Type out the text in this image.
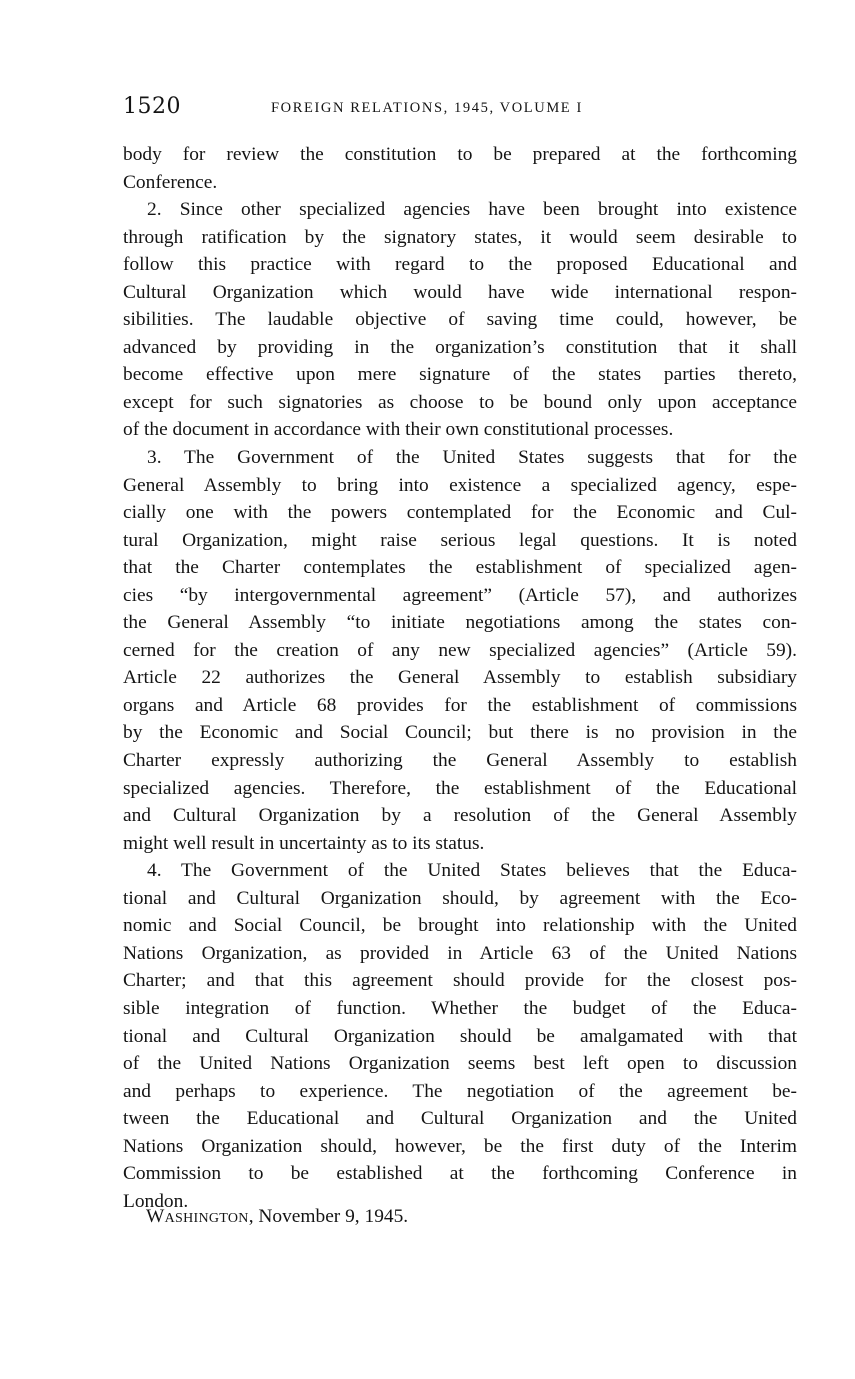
1520	FOREIGN RELATIONS, 1945, VOLUME I
body for review the constitution to be prepared at the forthcoming
Conference.
2. Since other specialized agencies have been brought into existence
through ratification by the signatory states, it would seem desirable to
follow this practice with regard to the proposed Educational and
Cultural Organization which would have wide international respon-
sibilities. The laudable objective of saving time could, however, be
advanced by providing in the organization’s constitution that it shall
become effective upon mere signature of the states parties thereto,
except for such signatories as choose to be bound only upon acceptance
of the document in accordance with their own constitutional processes.
3. The Government of the United States suggests that for the
General Assembly to bring into existence a specialized agency, espe-
cially one with the powers contemplated for the Economic and Cul-
tural Organization, might raise serious legal questions. It is noted
that the Charter contemplates the establishment of specialized agen-
cies “by intergovernmental agreement” (Article 57), and authorizes
the General Assembly “to initiate negotiations among the states con-
cerned for the creation of any new specialized agencies” (Article 59).
Article 22 authorizes the General Assembly to establish subsidiary
organs and Article 68 provides for the establishment of commissions
by the Economic and Social Council; but there is no provision in the
Charter expressly authorizing the General Assembly to establish
specialized agencies. Therefore, the establishment of the Educational
and Cultural Organization by a resolution of the General Assembly
might well result in uncertainty as to its status.
4. The Government of the United States believes that the Educa-
tional and Cultural Organization should, by agreement with the Eco-
nomic and Social Council, be brought into relationship with the United
Nations Organization, as provided in Article 63 of the United Nations
Charter; and that this agreement should provide for the closest pos-
sible integration of function. Whether the budget of the Educa-
tional and Cultural Organization should be amalgamated with that
of the United Nations Organization seems best left open to discussion
and perhaps to experience. The negotiation of the agreement be-
tween the Educational and Cultural Organization and the United
Nations Organization should, however, be the first duty of the Interim
Commission to be established at the forthcoming Conference in
London.
Washington, November 9, 1945.
